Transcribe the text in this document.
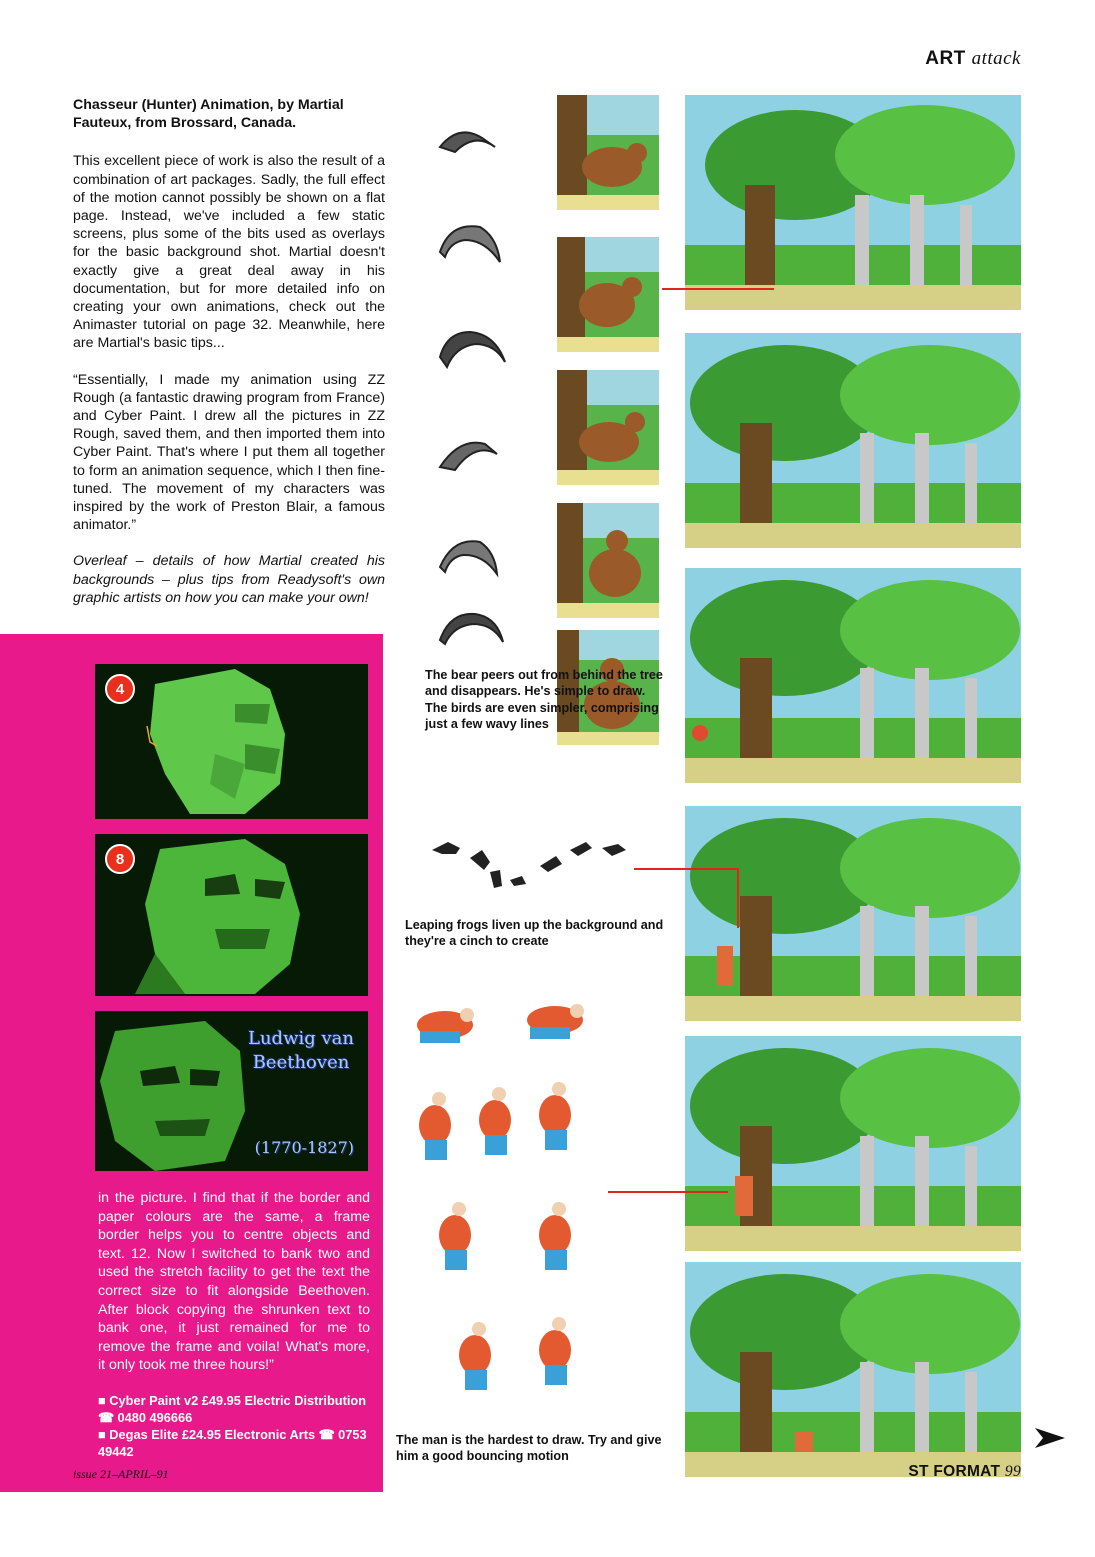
ART attack
Chasseur (Hunter) Animation, by Martial Fauteux, from Brossard, Canada.

This excellent piece of work is also the result of a combination of art packages. Sadly, the full effect of the motion cannot possibly be shown on a flat page. Instead, we've included a few static screens, plus some of the bits used as overlays for the basic background shot. Martial doesn't exactly give a great deal away in his documentation, but for more detailed info on creating your own animations, check out the Animaster tutorial on page 32. Meanwhile, here are Martial's basic tips...

“Essentially, I made my animation using ZZ Rough (a fantastic drawing program from France) and Cyber Paint. I drew all the pictures in ZZ Rough, saved them, and then imported them into Cyber Paint. That's where I put them all together to form an animation sequence, which I then fine-tuned. The movement of my characters was inspired by the work of Preston Blair, a famous animator.”

Overleaf – details of how Martial created his backgrounds – plus tips from Readysoft's own graphic artists on how you can make your own!

4
8
Ludwig van
Beethoven
(1770-1827)
in the picture. I find that if the border and paper colours are the same, a frame border helps you to centre objects and text. 12. Now I switched to bank two and used the stretch facility to get the text the correct size to fit alongside Beethoven. After block copying the shrunken text to bank one, it just remained for me to remove the frame and voila! What's more, it only took me three hours!”
■ Cyber Paint v2 £49.95 Electric Distribution ☎ 0480 496666
■ Degas Elite £24.95 Electronic Arts ☎ 0753 49442
The bear peers out from behind the tree and disappears. He's simple to draw. The birds are even simpler, comprising just a few wavy lines
Leaping frogs liven up the background and they're a cinch to create
The man is the hardest to draw. Try and give him a good bouncing motion
issue 21–APRIL–91	ST FORMAT 99
